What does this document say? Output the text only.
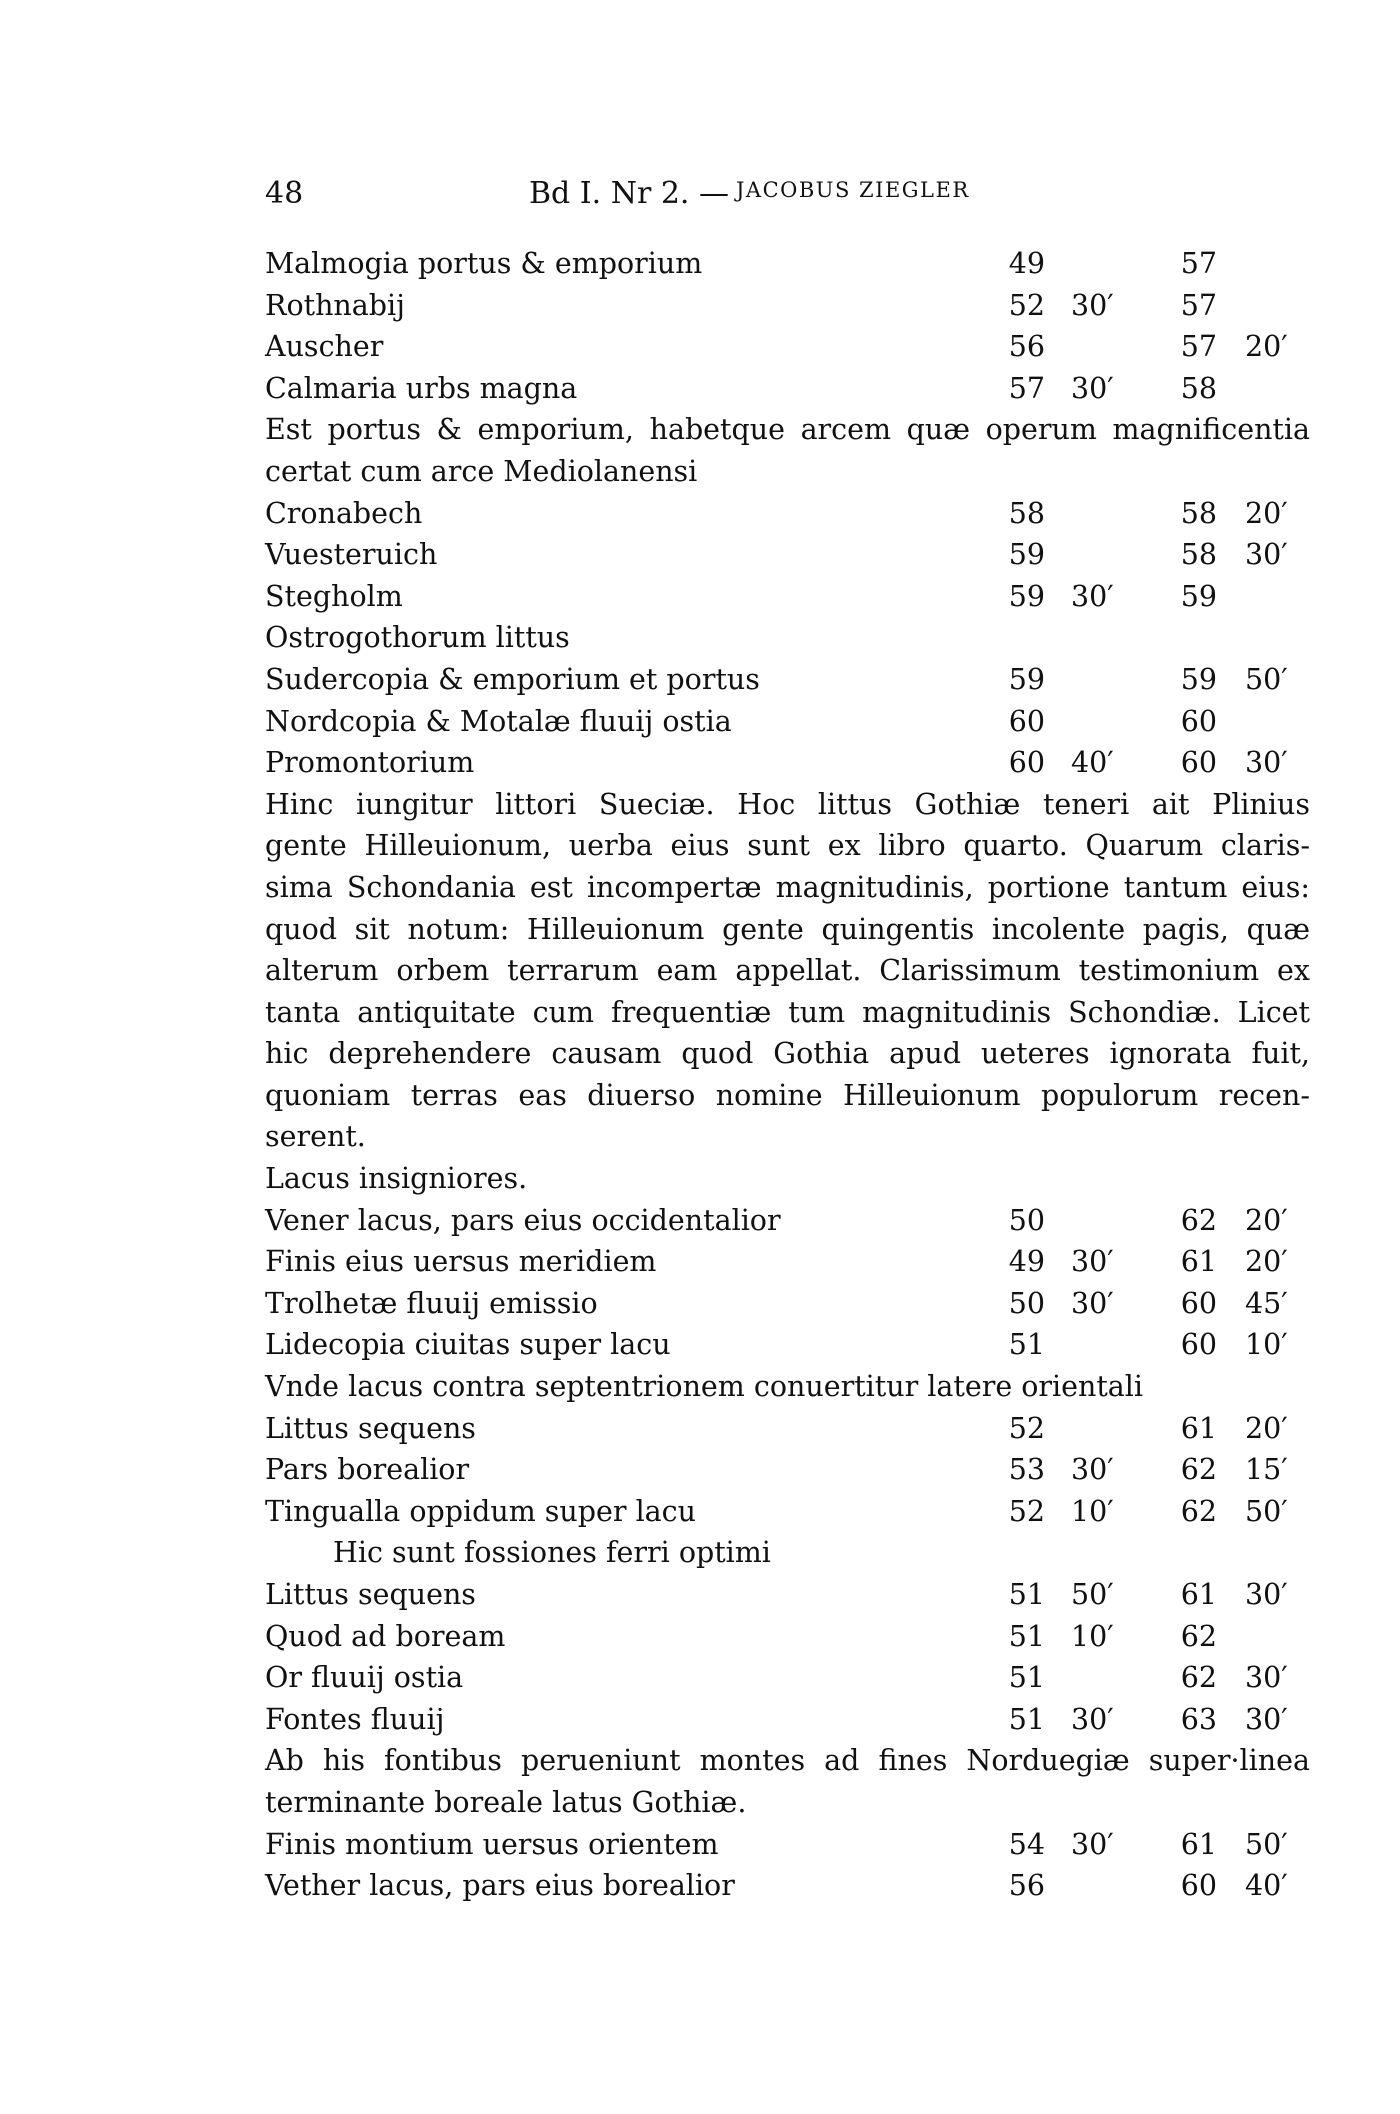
48	Bd I. Nr 2. — JACOBUS ZIEGLER
Malmogia portus & emporium	49	57
Rothnabij	52 30′ 57
Auscher	56	57 20′
Calmaria urbs magna	57 30′ 58
Est portus & emporium, habetque arcem quæ operum magnificentia
certat cum arce Mediolanensi
Cronabech	58	58 20′
Vuesteruich	59	58 30′
Stegholm	59 30′ 59
Ostrogothorum littus
Sudercopia & emporium et portus	59	59 50′
Nordcopia & Motalæ fluuij ostia	60	60
Promontorium	60 40′ 60 30′
Hinc iungitur littori Sueciæ. Hoc littus Gothiæ teneri ait Plinius
gente Hilleuionum, uerba eius sunt ex libro quarto. Quarum claris-
sima Schondania est incompertæ magnitudinis, portione tantum eius:
quod sit notum: Hilleuionum gente quingentis incolente pagis, quæ
alterum orbem terrarum eam appellat. Clarissimum testimonium ex
tanta antiquitate cum frequentiæ tum magnitudinis Schondiæ. Licet
hic deprehendere causam quod Gothia apud ueteres ignorata fuit,
quoniam terras eas diuerso nomine Hilleuionum populorum recen-
serent.
Lacus insigniores.
Vener lacus, pars eius occidentalior	50	62 20′
Finis eius uersus meridiem	49 30′ 61 20′
Trolhetæ fluuij emissio	50 30′ 60 45′
Lidecopia ciuitas super lacu	51	60 10′
Vnde lacus contra septentrionem conuertitur latere orientali
Littus sequens	52	61 20′
Pars borealior	53 30′ 62 15′
Tingualla oppidum super lacu	52 10′ 62 50′
Hic sunt fossiones ferri optimi
Littus sequens	51 50′ 61 30′
Quod ad boream	51 10′ 62
Or fluuij ostia	51	62 30′
Fontes fluuij	51 30′ 63 30′
Ab his fontibus perueniunt montes ad fines Norduegiæ super·linea
terminante boreale latus Gothiæ.
Finis montium uersus orientem	54 30′ 61 50′
Vether lacus, pars eius borealior	56	60 40′
